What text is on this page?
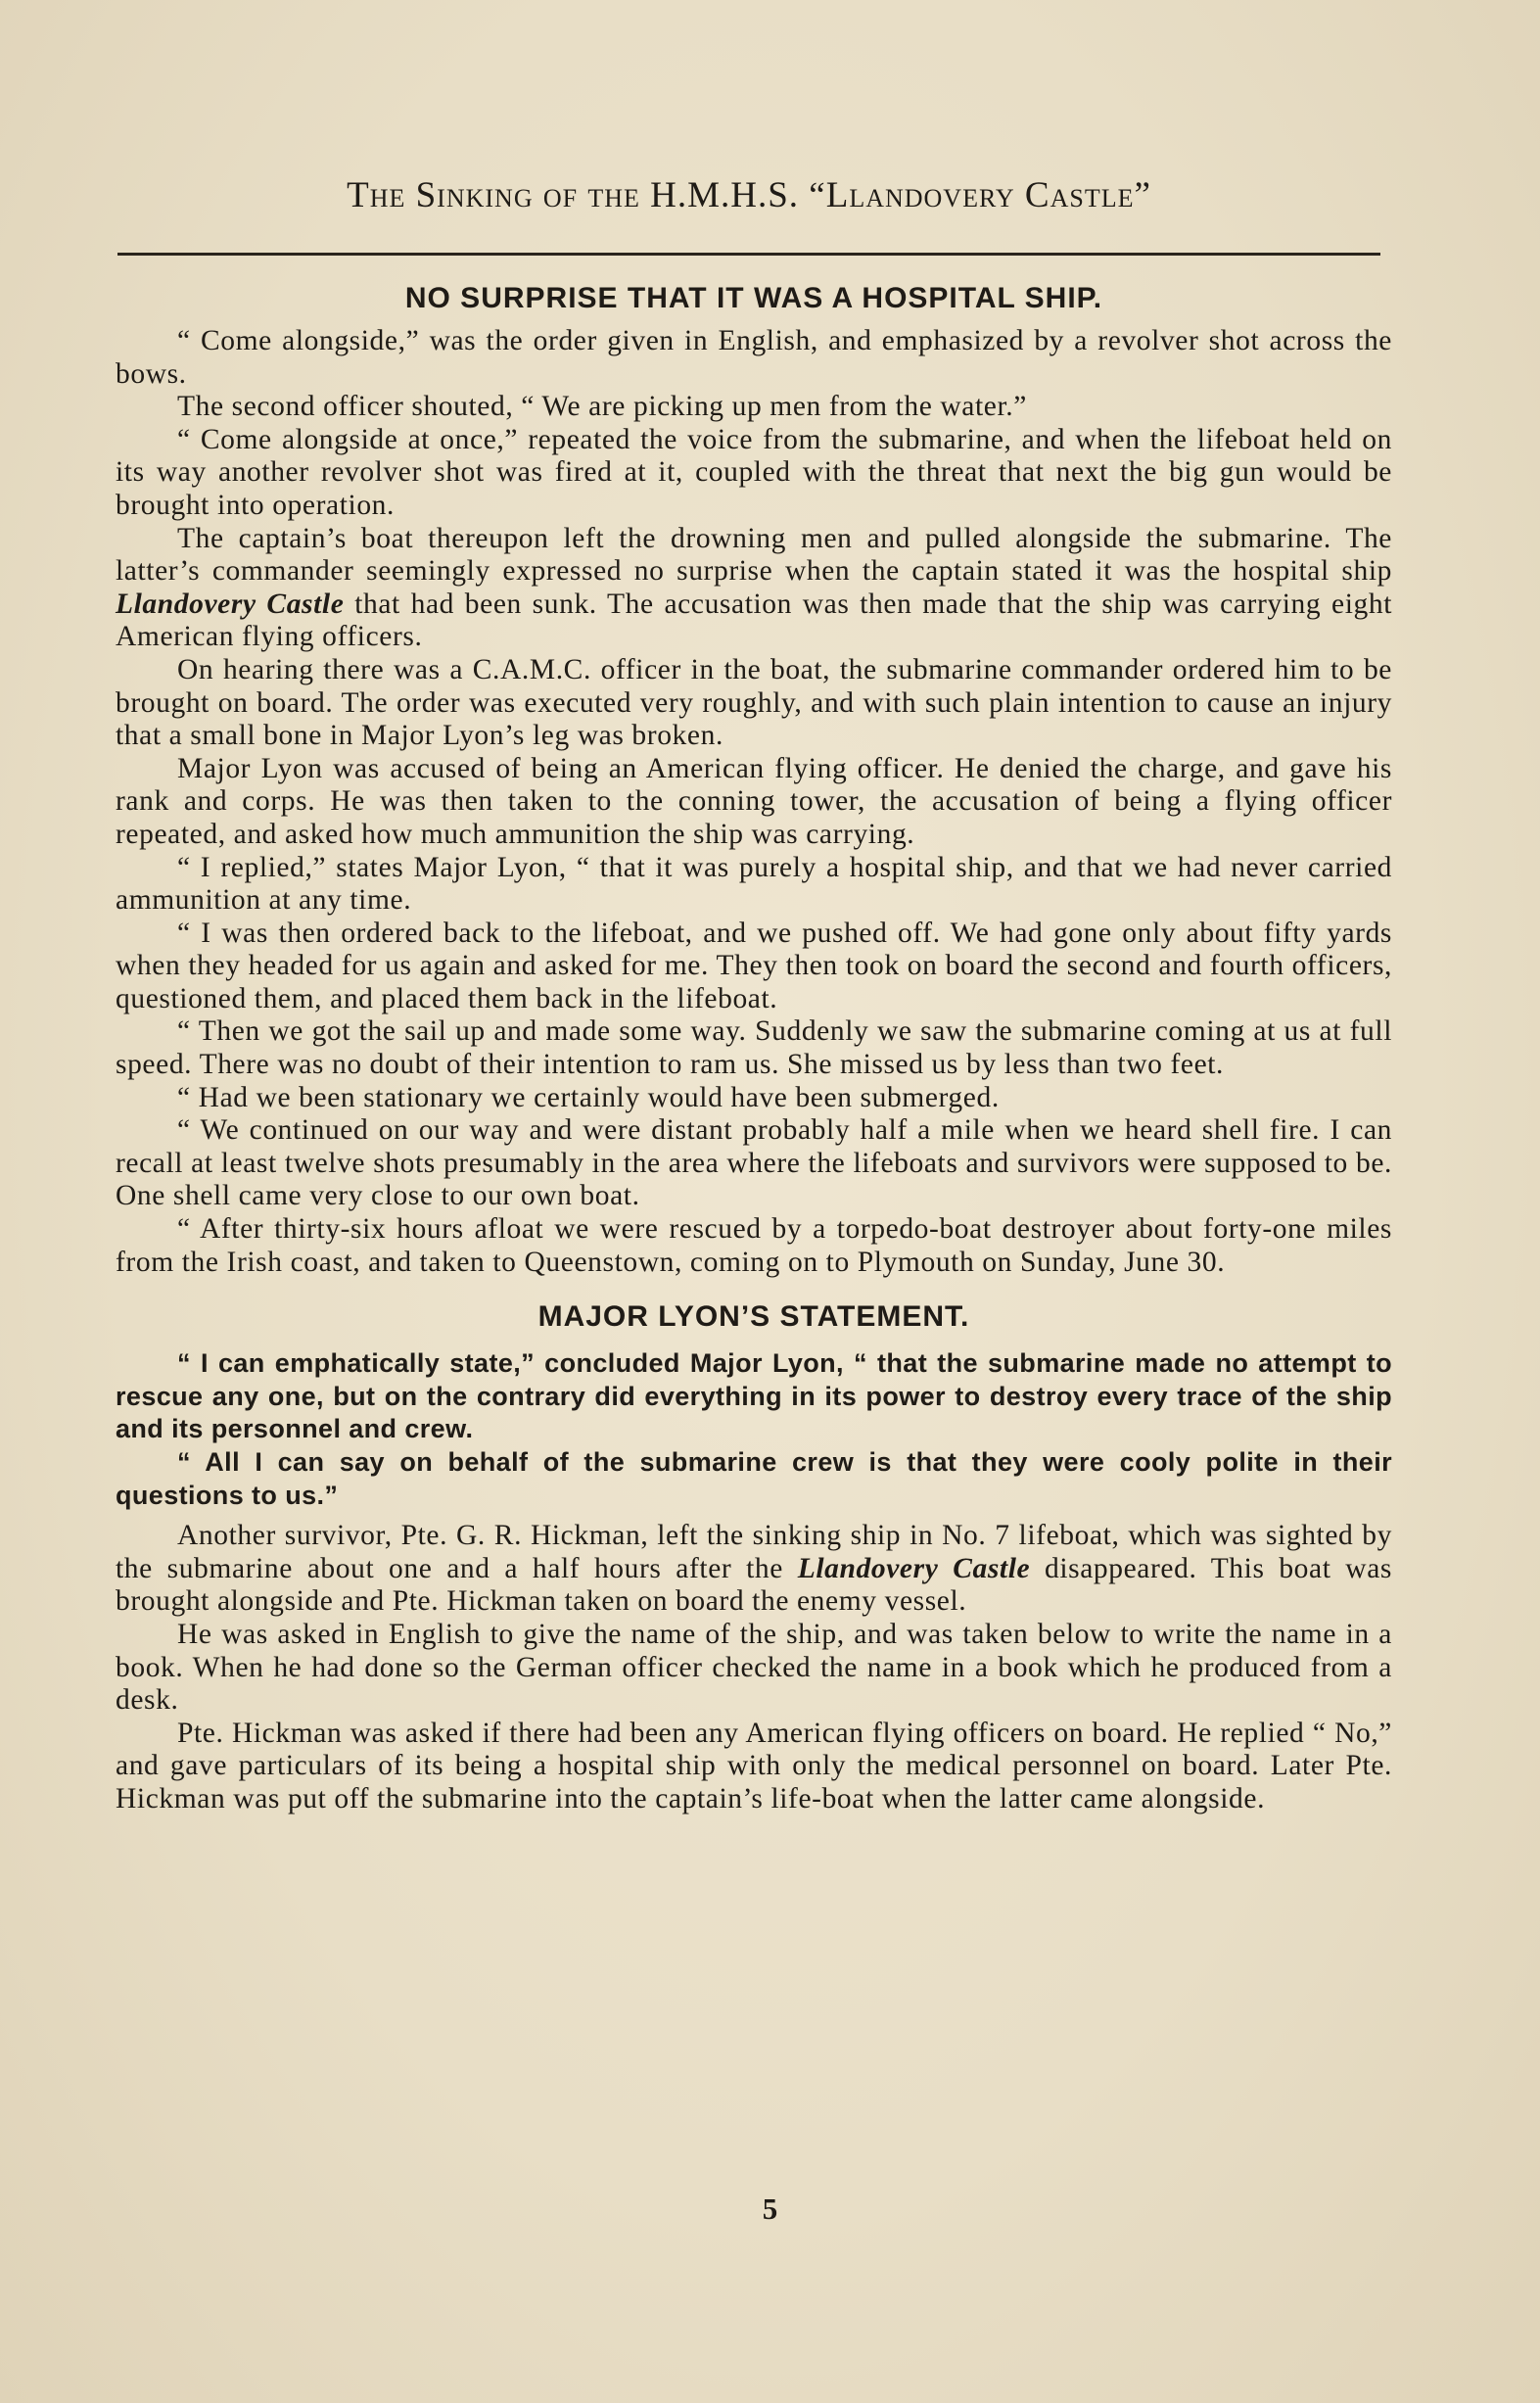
The Sinking of the H.M.H.S. “Llandovery Castle”
NO SURPRISE THAT IT WAS A HOSPITAL SHIP.

“ Come alongside,” was the order given in English, and emphasized by a revolver shot across the bows.

The second officer shouted, “ We are picking up men from the water.”

“ Come alongside at once,” repeated the voice from the submarine, and when the lifeboat held on its way another revolver shot was fired at it, coupled with the threat that next the big gun would be brought into operation.

The captain’s boat thereupon left the drowning men and pulled alongside the submarine. The latter’s commander seemingly expressed no surprise when the captain stated it was the hospital ship Llandovery Castle that had been sunk. The accusation was then made that the ship was carrying eight American flying officers.

On hearing there was a C.A.M.C. officer in the boat, the submarine commander ordered him to be brought on board. The order was executed very roughly, and with such plain intention to cause an injury that a small bone in Major Lyon’s leg was broken.

Major Lyon was accused of being an American flying officer. He denied the charge, and gave his rank and corps. He was then taken to the conning tower, the accusation of being a flying officer repeated, and asked how much ammunition the ship was carrying.

“ I replied,” states Major Lyon, “ that it was purely a hospital ship, and that we had never carried ammunition at any time.

“ I was then ordered back to the lifeboat, and we pushed off. We had gone only about fifty yards when they headed for us again and asked for me. They then took on board the second and fourth officers, questioned them, and placed them back in the lifeboat.

“ Then we got the sail up and made some way. Suddenly we saw the submarine coming at us at full speed. There was no doubt of their intention to ram us. She missed us by less than two feet.

“ Had we been stationary we certainly would have been submerged.

“ We continued on our way and were distant probably half a mile when we heard shell fire. I can recall at least twelve shots presumably in the area where the lifeboats and survivors were supposed to be. One shell came very close to our own boat.

“ After thirty-six hours afloat we were rescued by a torpedo-boat destroyer about forty-one miles from the Irish coast, and taken to Queenstown, coming on to Plymouth on Sunday, June 30.

MAJOR LYON’S STATEMENT.

“ I can emphatically state,” concluded Major Lyon, “ that the submarine made no attempt to rescue any one, but on the contrary did everything in its power to destroy every trace of the ship and its personnel and crew.

“ All I can say on behalf of the submarine crew is that they were cooly polite in their questions to us.”

Another survivor, Pte. G. R. Hickman, left the sinking ship in No. 7 lifeboat, which was sighted by the submarine about one and a half hours after the Llandovery Castle disappeared. This boat was brought alongside and Pte. Hickman taken on board the enemy vessel.

He was asked in English to give the name of the ship, and was taken below to write the name in a book. When he had done so the German officer checked the name in a book which he produced from a desk.

Pte. Hickman was asked if there had been any American flying officers on board. He replied “ No,” and gave particulars of its being a hospital ship with only the medical personnel on board. Later Pte. Hickman was put off the submarine into the captain’s life-boat when the latter came alongside.

5
